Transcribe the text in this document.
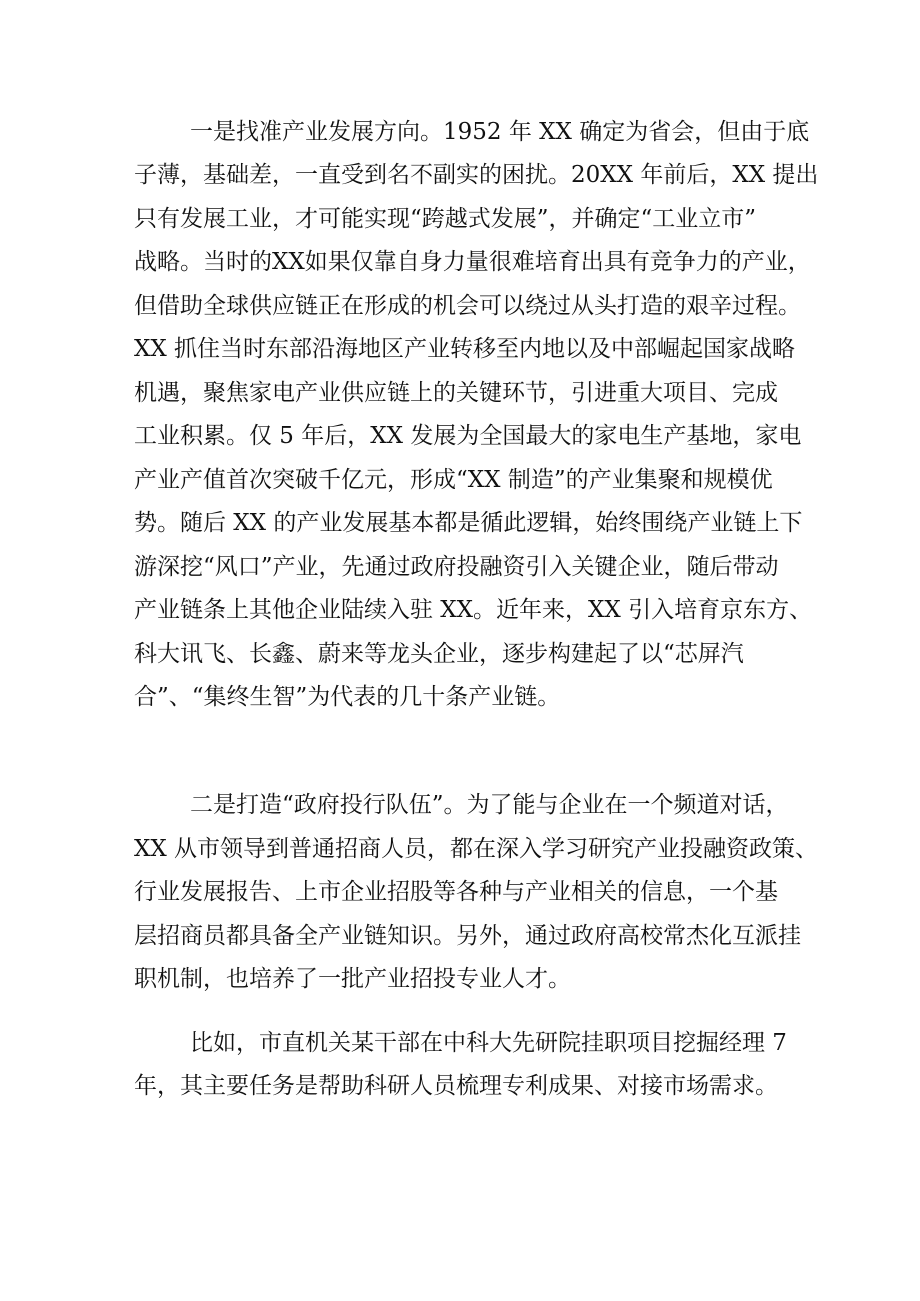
一是找准产业发展方向。1952 年 XX 确定为省会，但由于底
子薄，基础差，一直受到名不副实的困扰。20XX 年前后，XX 提出
只有发展工业，才可能实现“跨越式发展”，并确定“工业立市”
战略。当时的XX如果仅靠自身力量很难培育出具有竞争力的产业，
但借助全球供应链正在形成的机会可以绕过从头打造的艰辛过程。
XX 抓住当时东部沿海地区产业转移至内地以及中部崛起国家战略
机遇，聚焦家电产业供应链上的关键环节，引进重大项目、完成
工业积累。仅 5 年后，XX 发展为全国最大的家电生产基地，家电
产业产值首次突破千亿元，形成“XX 制造”的产业集聚和规模优
势。随后 XX 的产业发展基本都是循此逻辑，始终围绕产业链上下
游深挖“风口”产业，先通过政府投融资引入关键企业，随后带动
产业链条上其他企业陆续入驻 XX。近年来，XX 引入培育京东方、
科大讯飞、长鑫、蔚来等龙头企业，逐步构建起了以“芯屏汽
合”、“集终生智”为代表的几十条产业链。
二是打造“政府投行队伍”。为了能与企业在一个频道对话，
XX 从市领导到普通招商人员，都在深入学习研究产业投融资政策、
行业发展报告、上市企业招股等各种与产业相关的信息，一个基
层招商员都具备全产业链知识。另外，通过政府高校常杰化互派挂
职机制，也培养了一批产业招投专业人才。
比如，市直机关某干部在中科大先研院挂职项目挖掘经理 7
年，其主要任务是帮助科研人员梳理专利成果、对接市场需求。
